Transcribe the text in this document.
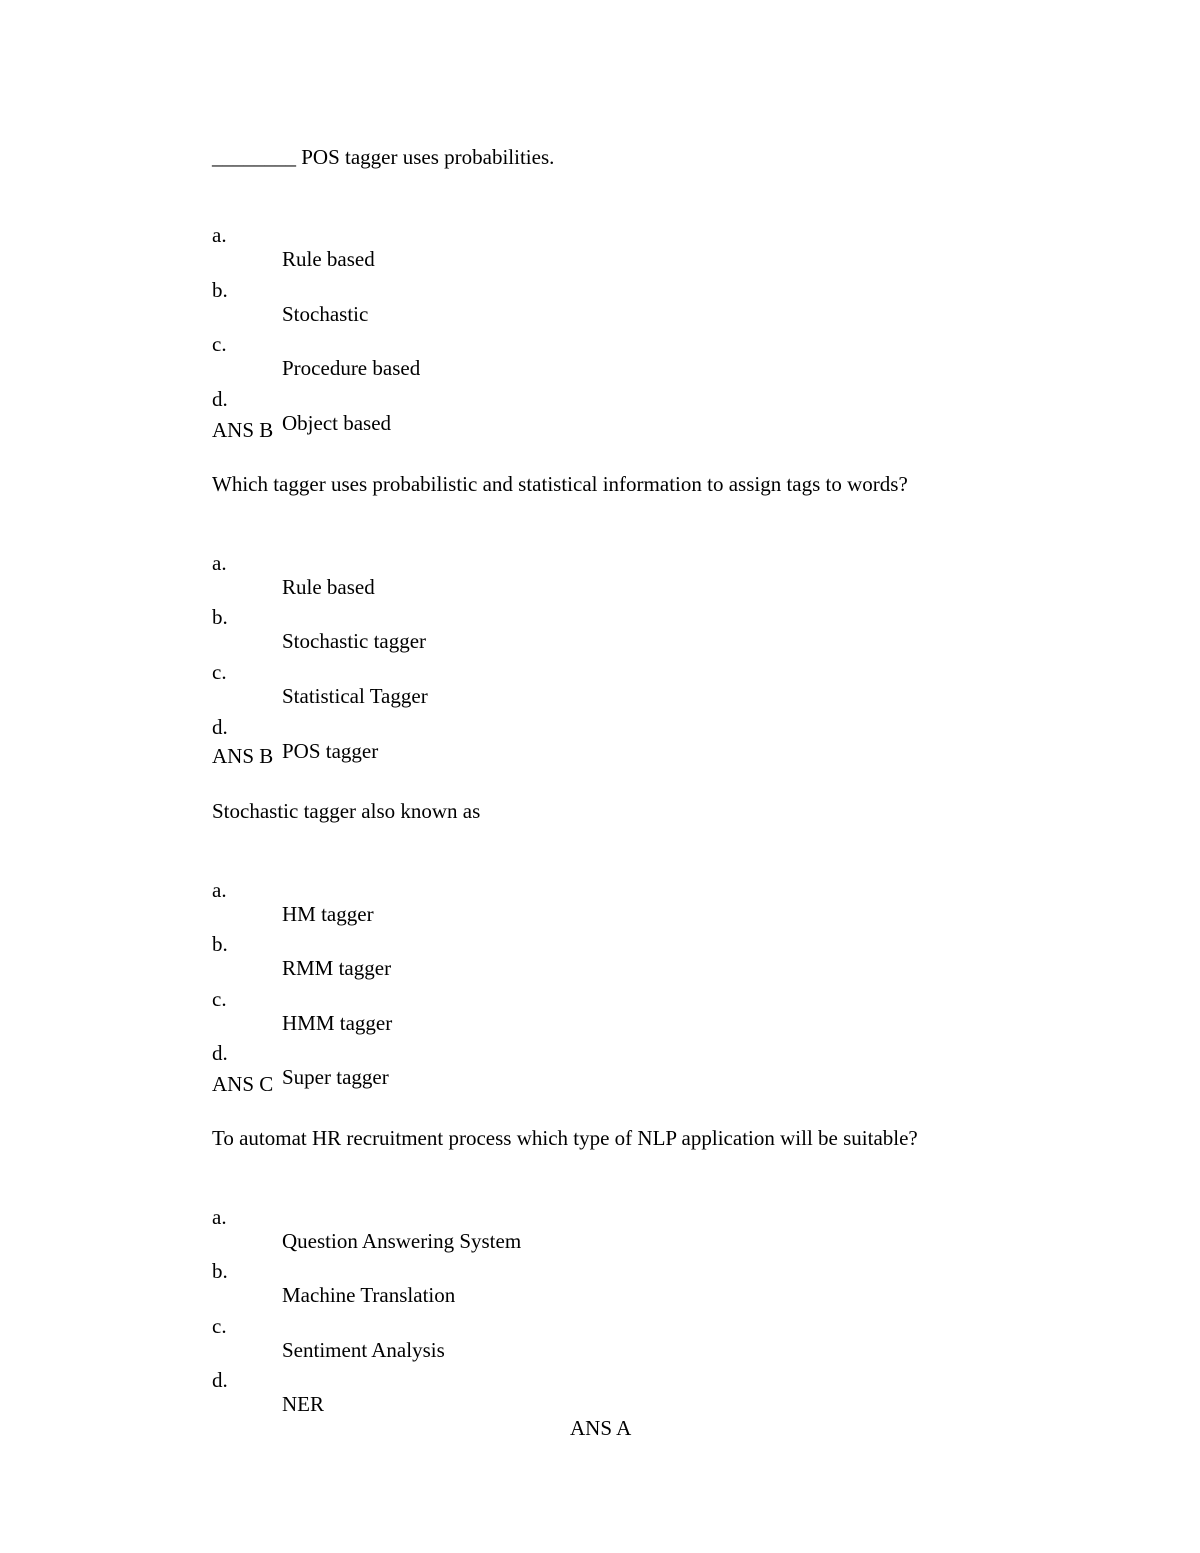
________ POS tagger uses probabilities.

a.

Rule based

b.

Stochastic

c.

Procedure based

d.

Object based

ANS B
Which tagger uses probabilistic and statistical information to assign tags to words?

a.

Rule based

b.

Stochastic tagger

c.

Statistical Tagger

d.

POS tagger

ANS B
Stochastic tagger also known as

a.

HM tagger

b.

RMM tagger

c.

HMM tagger

d.

Super tagger

ANS C
To automat HR recruitment process which type of NLP application will be suitable?

a.

Question Answering System

b.

Machine Translation

c.

Sentiment Analysis

d.

NER

ANS A
